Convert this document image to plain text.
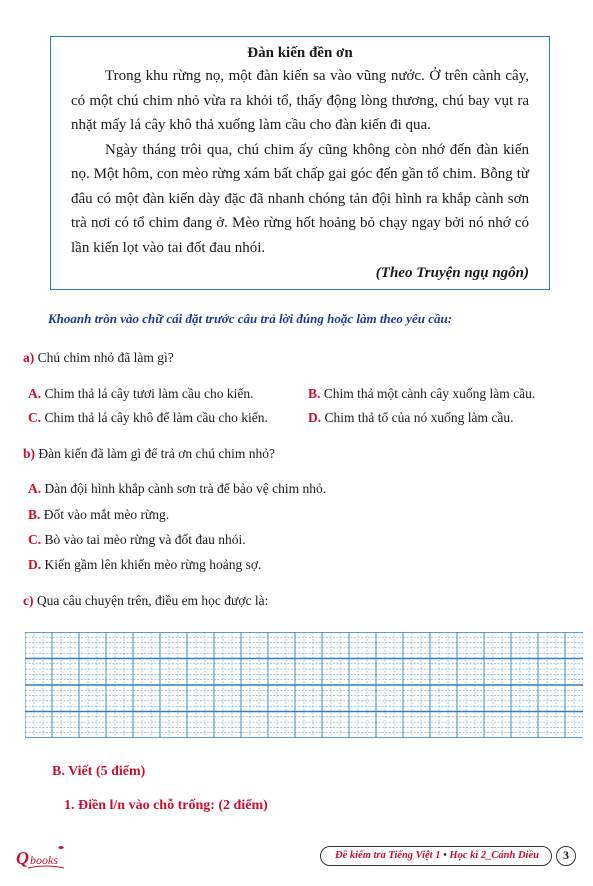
Đàn kiến đền ơn

Trong khu rừng nọ, một đàn kiến sa vào vũng nước. Ở trên cành cây, có một chú chim nhỏ vừa ra khỏi tổ, thấy động lòng thương, chú bay vụt ra nhặt mấy lá cây khô thả xuống làm cầu cho đàn kiến đi qua.

Ngày tháng trôi qua, chú chim ấy cũng không còn nhớ đến đàn kiến nọ. Một hôm, con mèo rừng xám bất chấp gai góc đến gần tổ chim. Bỗng từ đâu có một đàn kiến dày đặc đã nhanh chóng tản đội hình ra khắp cành sơn trà nơi có tổ chim đang ở. Mèo rừng hốt hoảng bỏ chạy ngay bởi nó nhớ có lần kiến lọt vào tai đốt đau nhói.

(Theo Truyện ngụ ngôn)
Khoanh tròn vào chữ cái đặt trước câu trả lời đúng hoặc làm theo yêu cầu:
a) Chú chim nhỏ đã làm gì?
A. Chim thả lá cây tươi làm cầu cho kiến.	B. Chim thả một cành cây xuống làm cầu.
C. Chim thả lá cây khô để làm cầu cho kiến.	D. Chim thả tổ của nó xuống làm cầu.
b) Đàn kiến đã làm gì để trả ơn chú chim nhỏ?
A. Dàn đội hình khắp cành sơn trà để bảo vệ chim nhỏ.
B. Đốt vào mắt mèo rừng.
C. Bò vào tai mèo rừng và đốt đau nhói.
D. Kiến gầm lên khiến mèo rừng hoảng sợ.
c) Qua câu chuyện trên, điều em học được là:
B. Viết (5 điểm)
1. Điền l/n vào chỗ trống: (2 điểm)
Q books	Đề kiểm tra Tiếng Việt 1 • Học kì 2_Cánh Diều	3
